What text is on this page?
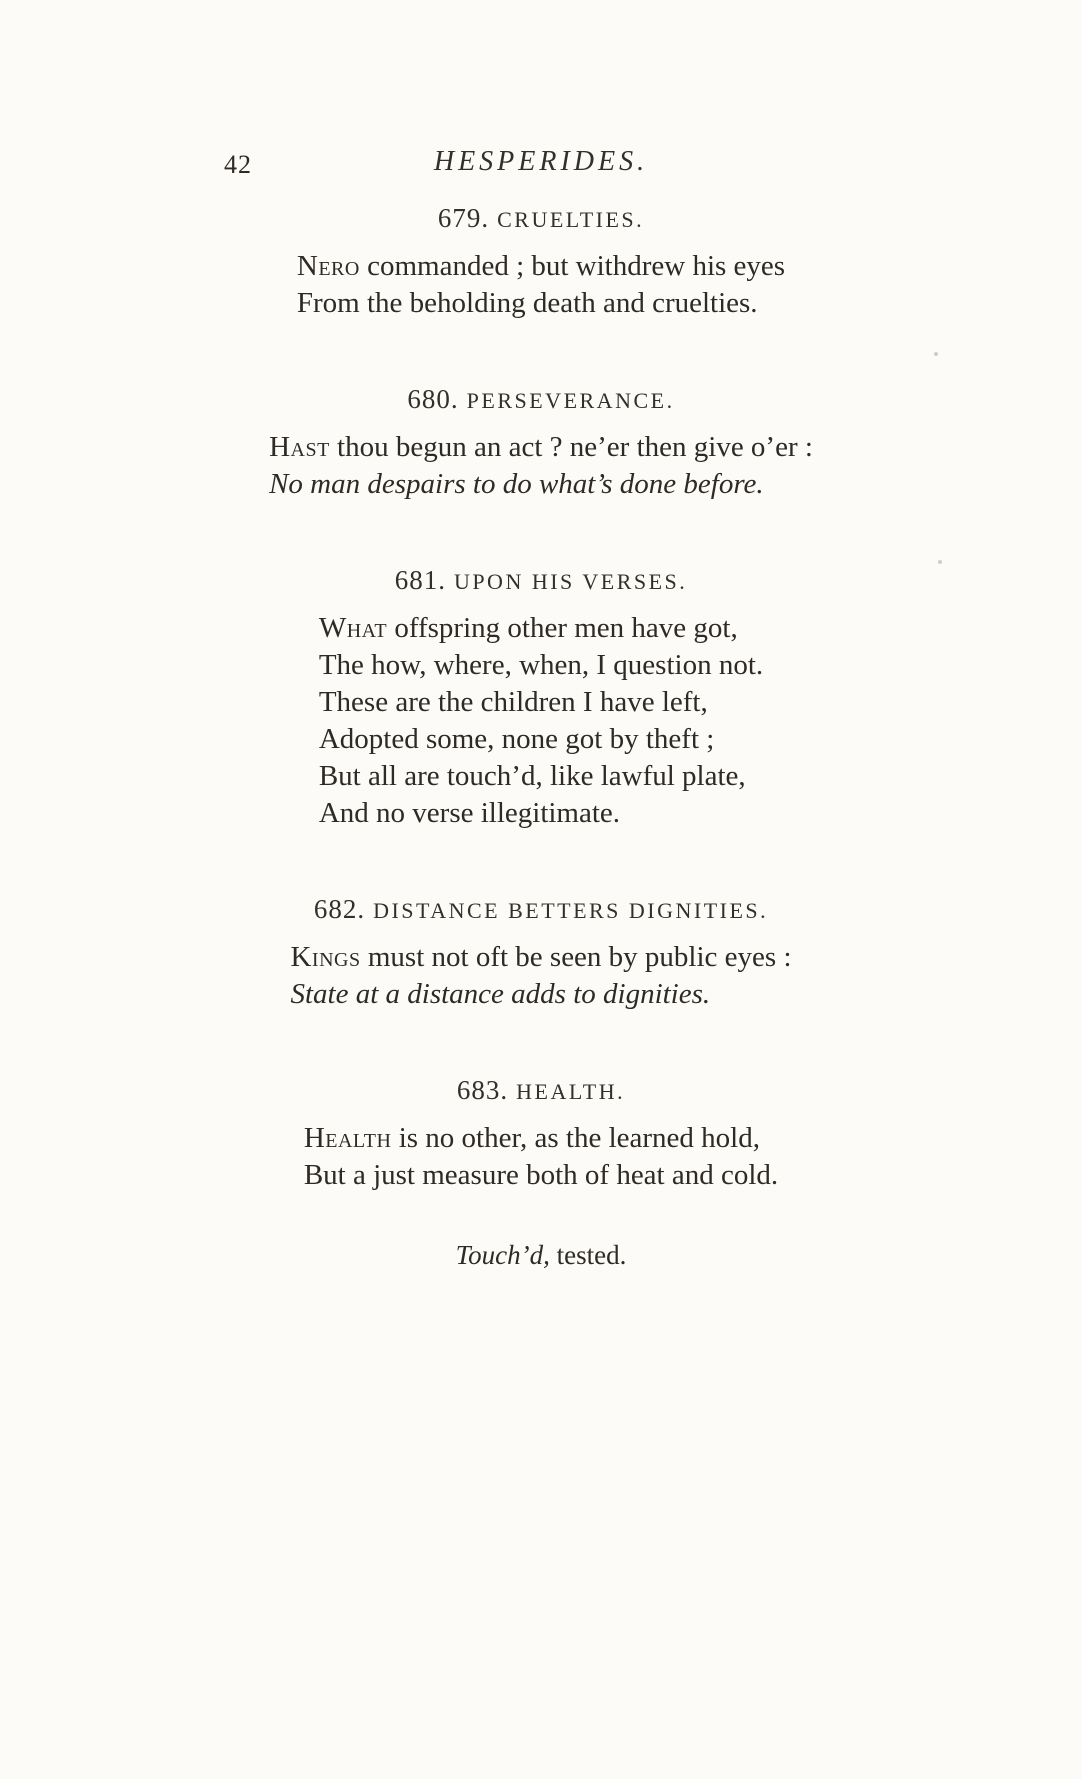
42	HESPERIDES.
679. CRUELTIES.
Nero commanded ; but withdrew his eyes
From the beholding death and cruelties.
680. PERSEVERANCE.
Hast thou begun an act ? ne’er then give o’er :
No man despairs to do what’s done before.
681. UPON HIS VERSES.
What offspring other men have got,
The how, where, when, I question not.
These are the children I have left,
Adopted some, none got by theft ;
But all are touch’d, like lawful plate,
And no verse illegitimate.
682. DISTANCE BETTERS DIGNITIES.
Kings must not oft be seen by public eyes :
State at a distance adds to dignities.
683. HEALTH.
Health is no other, as the learned hold,
But a just measure both of heat and cold.
Touch’d, tested.
